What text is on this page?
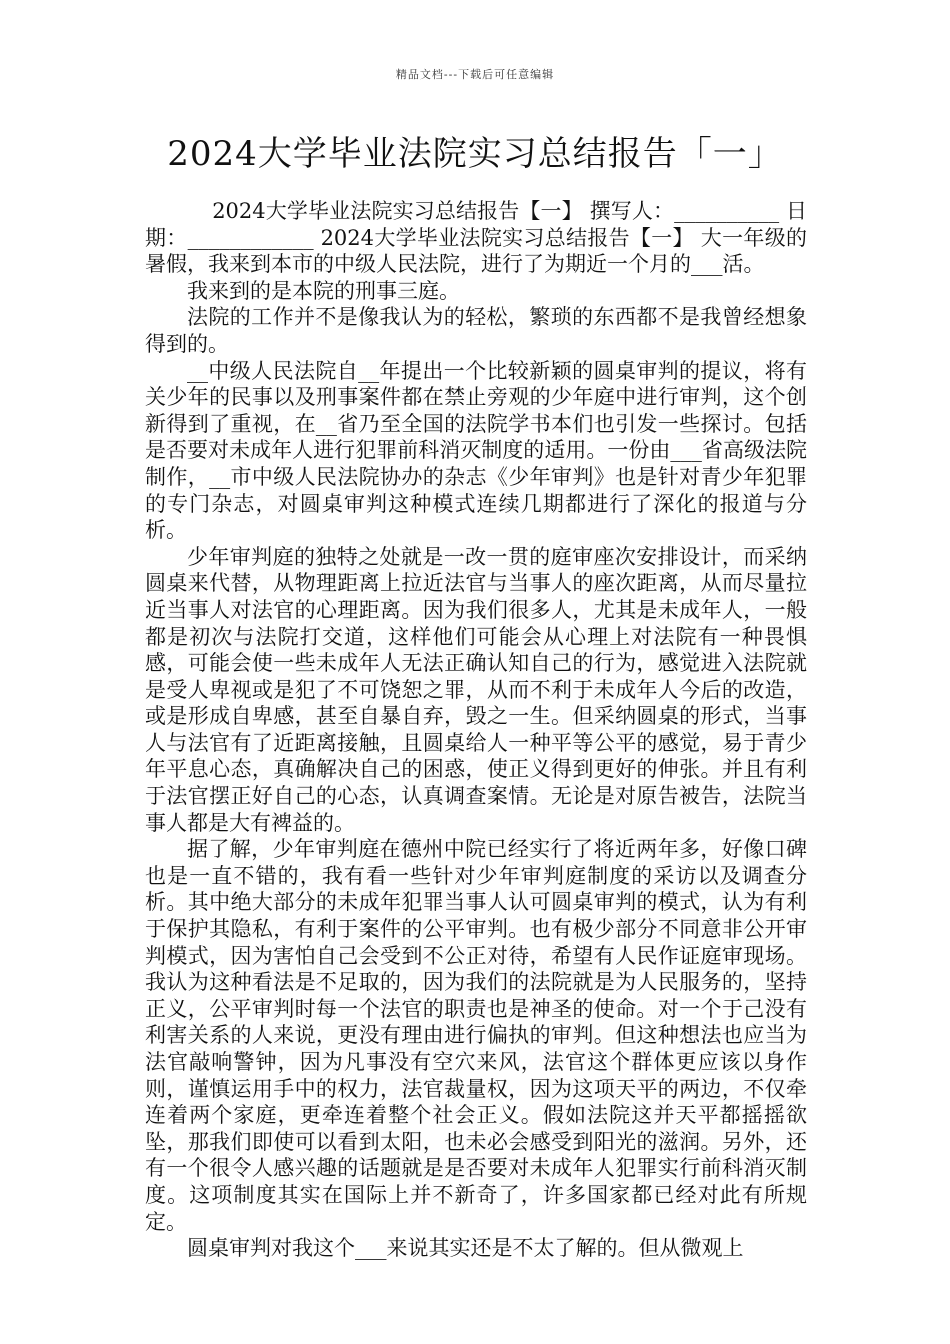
精品文档---下载后可任意编辑
2024大学毕业法院实习总结报告「一」

2024大学毕业法院实习总结报告【一】 撰写人：__________ 日 期：____________ 2024大学毕业法院实习总结报告【一】 大一年级的暑假，我来到本市的中级人民法院，进行了为期近一个月的___活。

我来到的是本院的刑事三庭。

法院的工作并不是像我认为的轻松，繁琐的东西都不是我曾经想象得到的。

__中级人民法院自__年提出一个比较新颖的圆桌审判的提议，将有关少年的民事以及刑事案件都在禁止旁观的少年庭中进行审判，这个创新得到了重视，在__省乃至全国的法院学书本们也引发一些探讨。包括是否要对未成年人进行犯罪前科消灭制度的适用。一份由___省高级法院制作，__市中级人民法院协办的杂志《少年审判》也是针对青少年犯罪的专门杂志，对圆桌审判这种模式连续几期都进行了深化的报道与分析。

少年审判庭的独特之处就是一改一贯的庭审座次安排设计，而采纳圆桌来代替，从物理距离上拉近法官与当事人的座次距离，从而尽量拉近当事人对法官的心理距离。因为我们很多人，尤其是未成年人，一般都是初次与法院打交道，这样他们可能会从心理上对法院有一种畏惧感，可能会使一些未成年人无法正确认知自己的行为，感觉进入法院就是受人卑视或是犯了不可饶恕之罪，从而不利于未成年人今后的改造，或是形成自卑感，甚至自暴自弃，毁之一生。但采纳圆桌的形式，当事人与法官有了近距离接触，且圆桌给人一种平等公平的感觉，易于青少年平息心态，真确解决自己的困惑，使正义得到更好的伸张。并且有利于法官摆正好自己的心态，认真调查案情。无论是对原告被告，法院当事人都是大有裨益的。

据了解，少年审判庭在德州中院已经实行了将近两年多，好像口碑也是一直不错的，我有看一些针对少年审判庭制度的采访以及调查分析。其中绝大部分的未成年犯罪当事人认可圆桌审判的模式，认为有利于保护其隐私，有利于案件的公平审判。也有极少部分不同意非公开审判模式，因为害怕自己会受到不公正对待，希望有人民作证庭审现场。我认为这种看法是不足取的，因为我们的法院就是为人民服务的，坚持正义，公平审判时每一个法官的职责也是神圣的使命。对一个于己没有利害关系的人来说，更没有理由进行偏执的审判。但这种想法也应当为法官敲响警钟，因为凡事没有空穴来风，法官这个群体更应该以身作则，谨慎运用手中的权力，法官裁量权，因为这项天平的两边，不仅牵连着两个家庭，更牵连着整个社会正义。假如法院这并天平都摇摇欲坠，那我们即使可以看到太阳，也未必会感受到阳光的滋润。另外，还有一个很令人感兴趣的话题就是是否要对未成年人犯罪实行前科消灭制度。这项制度其实在国际上并不新奇了，许多国家都已经对此有所规定。

圆桌审判对我这个___来说其实还是不太了解的。但从微观上
